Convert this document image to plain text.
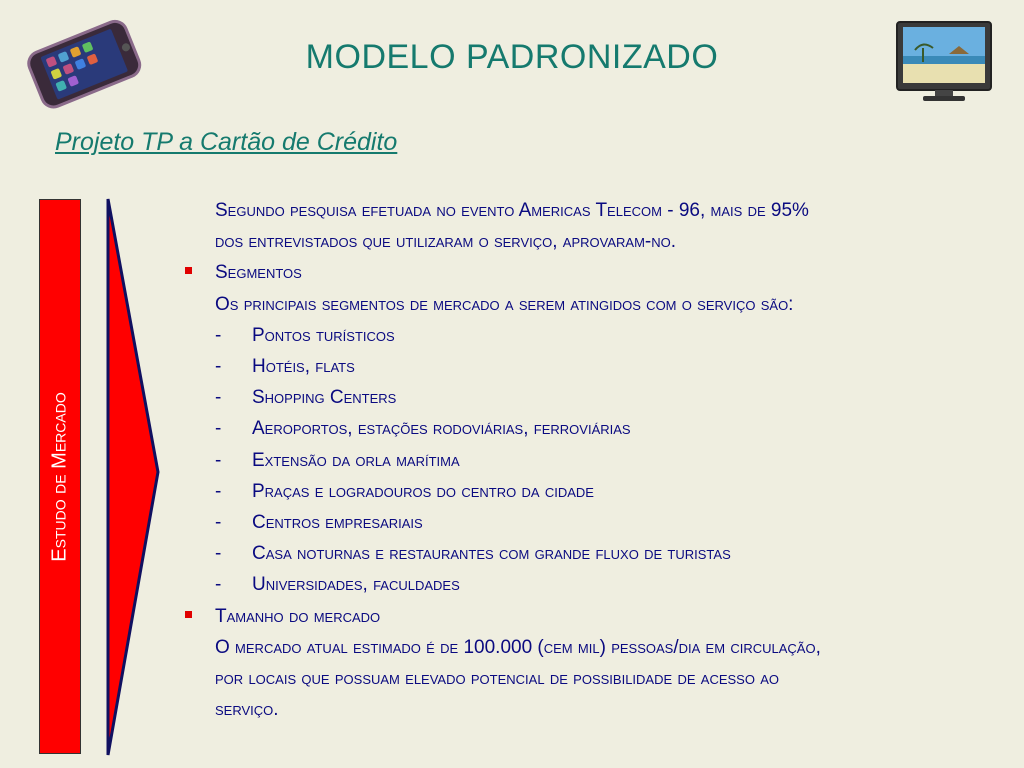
MODELO PADRONIZADO
Projeto TP a Cartão de Crédito
Estudo de Mercado
Segundo pesquisa efetuada no evento Americas Telecom - 96, mais de 95%
dos entrevistados que utilizaram o serviço, aprovaram-no.
Segmentos
Os principais segmentos de mercado a serem atingidos com o serviço são:
- Pontos turísticos
- Hotéis, flats
- Shopping Centers
- Aeroportos, estações rodoviárias, ferroviárias
- Extensão da orla marítima
- Praças e logradouros do centro da cidade
- Centros empresariais
- Casa noturnas e restaurantes com grande fluxo de turistas
- Universidades, faculdades
Tamanho do mercado
O mercado atual estimado é de 100.000 (cem mil) pessoas/dia em circulação,
por locais que possuam elevado potencial de possibilidade de acesso ao
serviço.
